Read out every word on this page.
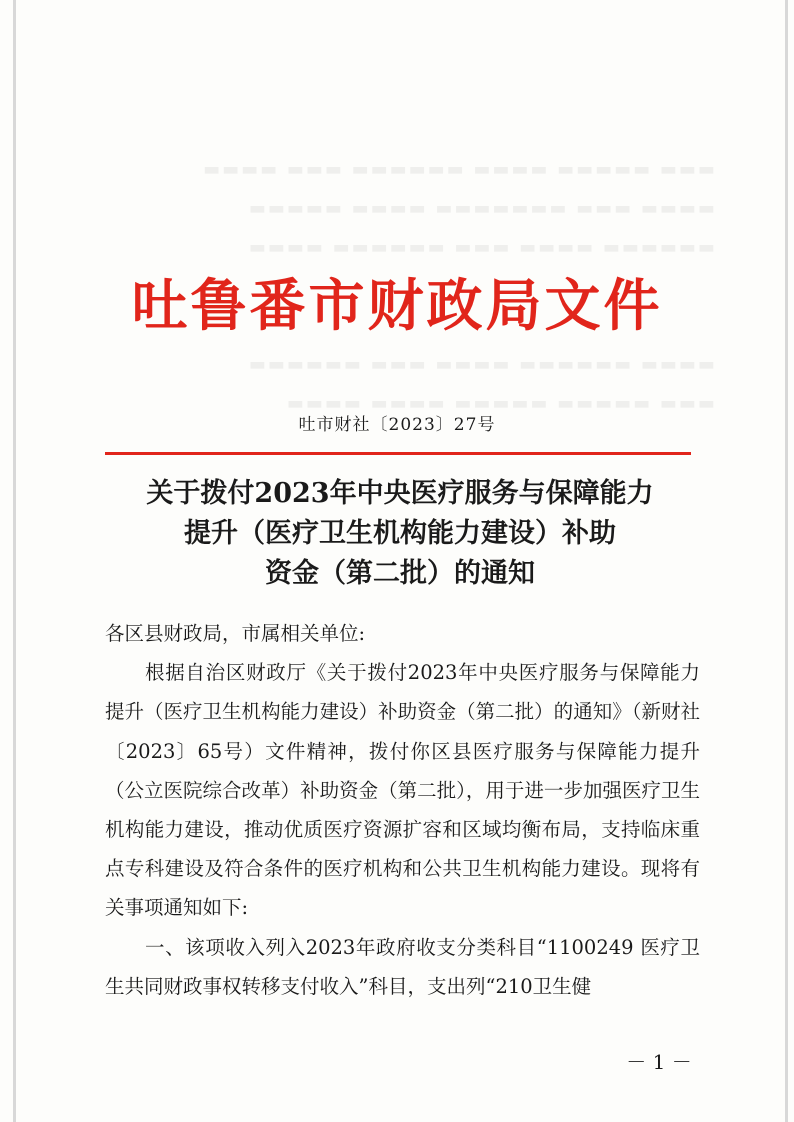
▬▬▬ ▬▬▬▬▬ ▬▬▬▬ ▬▬▬▬▬▬ ▬▬▬ ▬▬▬▬
▬▬▬▬ ▬▬▬ ▬▬▬▬▬▬▬ ▬▬▬▬ ▬▬▬▬▬
▬▬▬▬▬▬ ▬▬▬▬ ▬▬▬ ▬▬▬▬▬▬ ▬▬▬▬
▬▬▬▬ ▬▬▬▬▬▬ ▬▬▬▬ ▬▬▬ ▬▬▬▬▬▬
▬▬▬ ▬▬▬▬▬ ▬▬▬▬▬ ▬▬▬▬ ▬▬▬▬
吐鲁番市财政局文件
吐市财社〔2023〕27号
关于拨付2023年中央医疗服务与保障能力
提升（医疗卫生机构能力建设）补助
资金（第二批）的通知

各区县财政局，市属相关单位:

根据自治区财政厅《关于拨付2023年中央医疗服务与保障能力提升（医疗卫生机构能力建设）补助资金（第二批）的通知》（新财社〔2023〕65号）文件精神，拨付你区县医疗服务与保障能力提升（公立医院综合改革）补助资金（第二批），用于进一步加强医疗卫生机构能力建设，推动优质医疗资源扩容和区域均衡布局，支持临床重点专科建设及符合条件的医疗机构和公共卫生机构能力建设。现将有关事项通知如下:

一、该项收入列入2023年政府收支分类科目“1100249 医疗卫生共同财政事权转移支付收入”科目，支出列“210卫生健

－ 1 －
